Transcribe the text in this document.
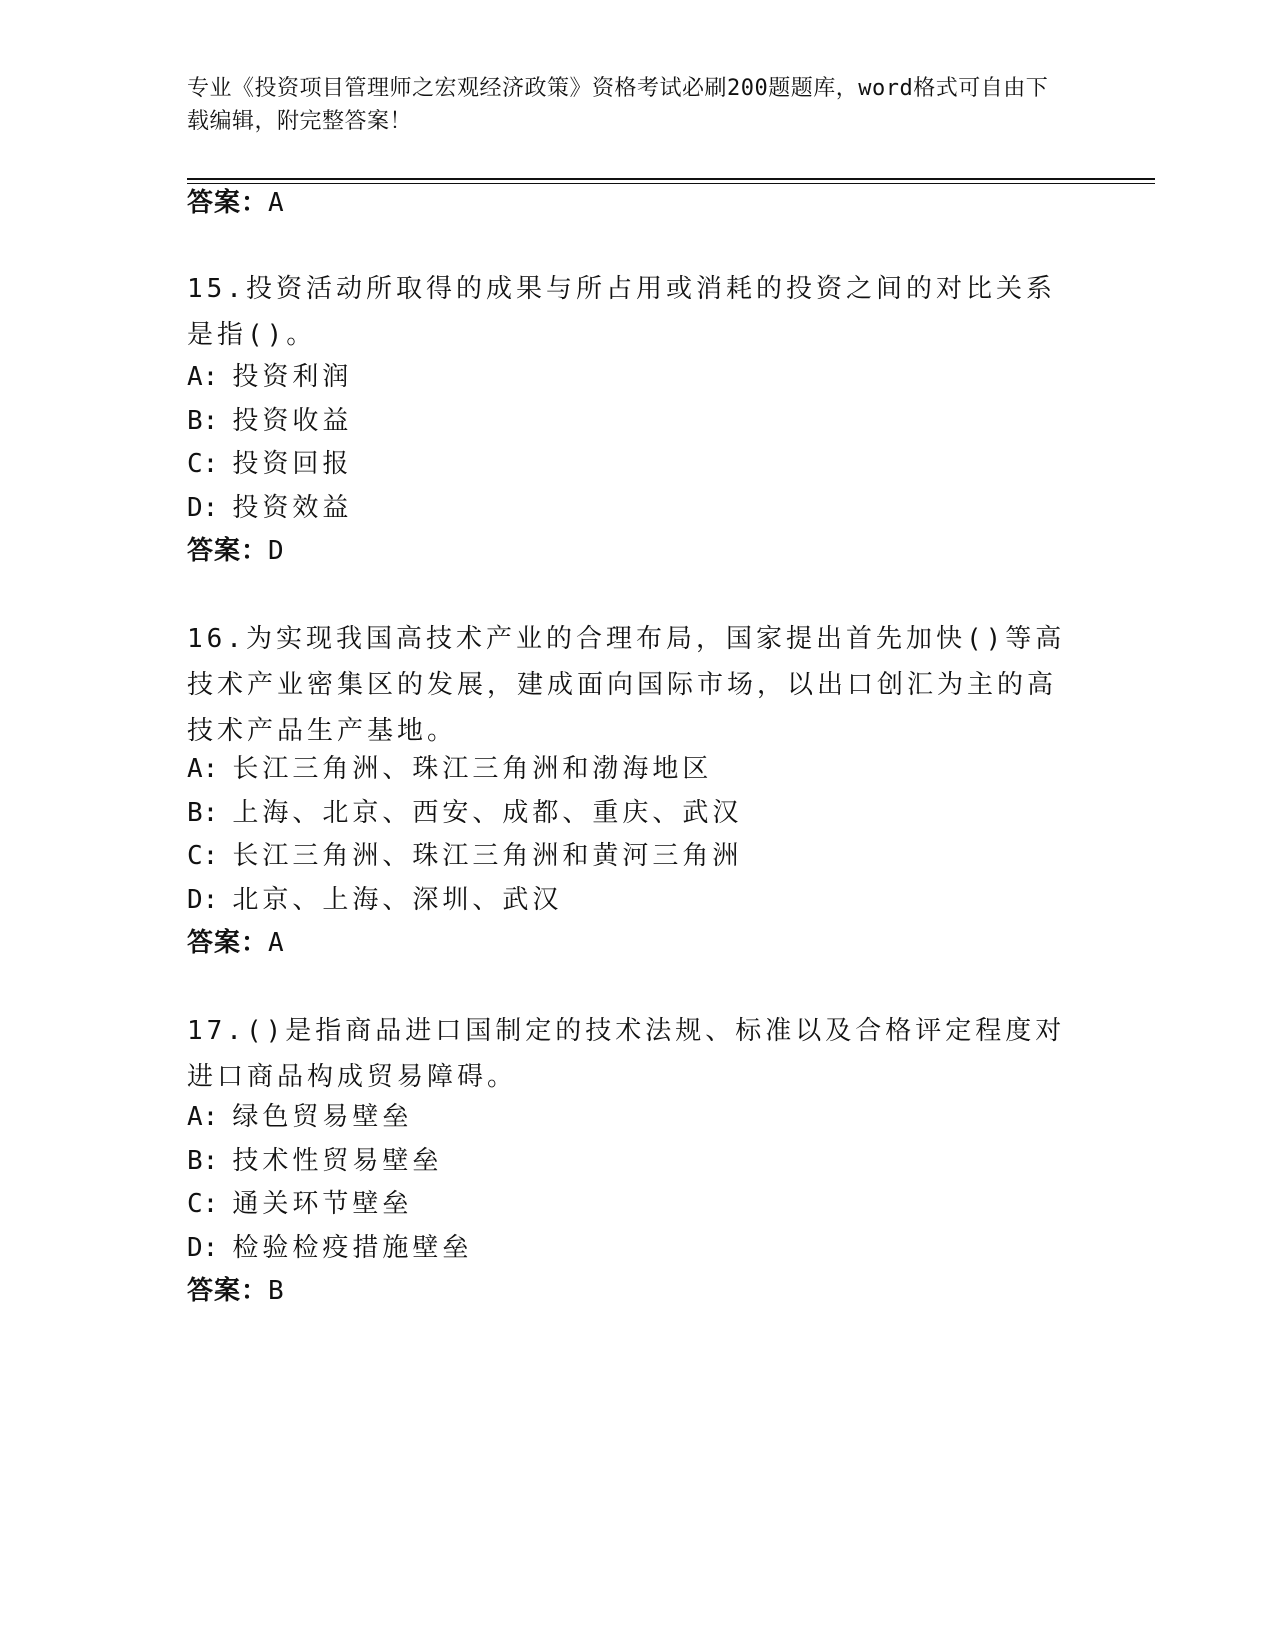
专业《投资项目管理师之宏观经济政策》资格考试必刷200题题库，word格式可自由下载编辑，附完整答案！
答案：A
15.投资活动所取得的成果与所占用或消耗的投资之间的对比关系是指()。
A: 投资利润
B: 投资收益
C: 投资回报
D: 投资效益
答案：D
16.为实现我国高技术产业的合理布局，国家提出首先加快()等高技术产业密集区的发展，建成面向国际市场，以出口创汇为主的高技术产品生产基地。
A: 长江三角洲、珠江三角洲和渤海地区
B: 上海、北京、西安、成都、重庆、武汉
C: 长江三角洲、珠江三角洲和黄河三角洲
D: 北京、上海、深圳、武汉
答案：A
17.()是指商品进口国制定的技术法规、标准以及合格评定程度对进口商品构成贸易障碍。
A: 绿色贸易壁垒
B: 技术性贸易壁垒
C: 通关环节壁垒
D: 检验检疫措施壁垒
答案：B
